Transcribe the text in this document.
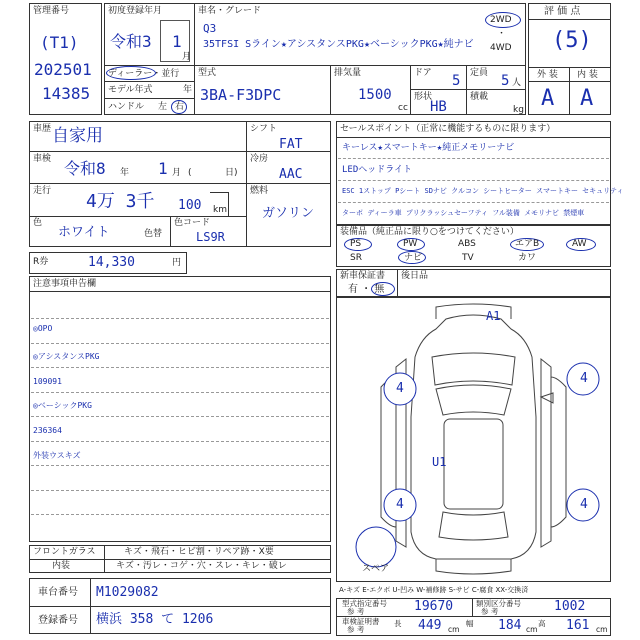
管理番号
(T1)
202501
14385
初度登録年月
令和3 1
月
車名・グレード
Q3
35TFSI Sライン★アシスタンスPKG★ベーシックPKG★純ナビ
2WD
・
4WD
ディーラー・並行
モデル年式	年
ハンドル 左 右
型式
3BA-F3DPC
排気量
1500
cc
ドア 5 定員 5 人
形状
HB
積載
kg
評 価 点
(5)
外 装 内 装
A A
車歴 自家用
車検 令和8 年 1 月 (	日)
走行 4万 3千 100 km
色
ホワイト	色替
色コード
LS9R
シフト
FAT
冷房
AAC
燃料
ガソリン
セールスポイント（正常に機能するものに限ります）
キーレス★スマートキー★純正メモリーナビ
LEDヘッドライト
ESC 1ストップ Pシート SDナビ クルコン シートヒーター スマートキー セキュリティ
ターボ ディーラ車 プリクラッシュセーフティ フル装備 メモリナビ 禁煙車
装備品（純正品に限り○をつけてください）
PS	PW	ABS	エアB	AW
SR	ナビ	TV	カワ
R券	14,330	円
新車保証書
有 ・ 無
後日品
注意事項申告欄
◎OPO
◎アシスタンスPKG
109091
◎ベーシックPKG
236364
外装ウスキズ
A1
U1
4
4
4	4
スペア
フロントガラス	キズ・飛石・ヒビ割・リペア跡・X要
内装	キズ・汚レ・コゲ・穴・スレ・キレ・破レ
車台番号 M1029082
登録番号 横浜 358 て 1206
A-キズ E-エクボ U-凹み W-補修跡 S-サビ C-腐食 XX-交換済
型式指定番号
参 考	19670	類別区分番号
参 考	1002
車検証明書
参 考
長 449 cm
幅 184 cm
高 161 cm
